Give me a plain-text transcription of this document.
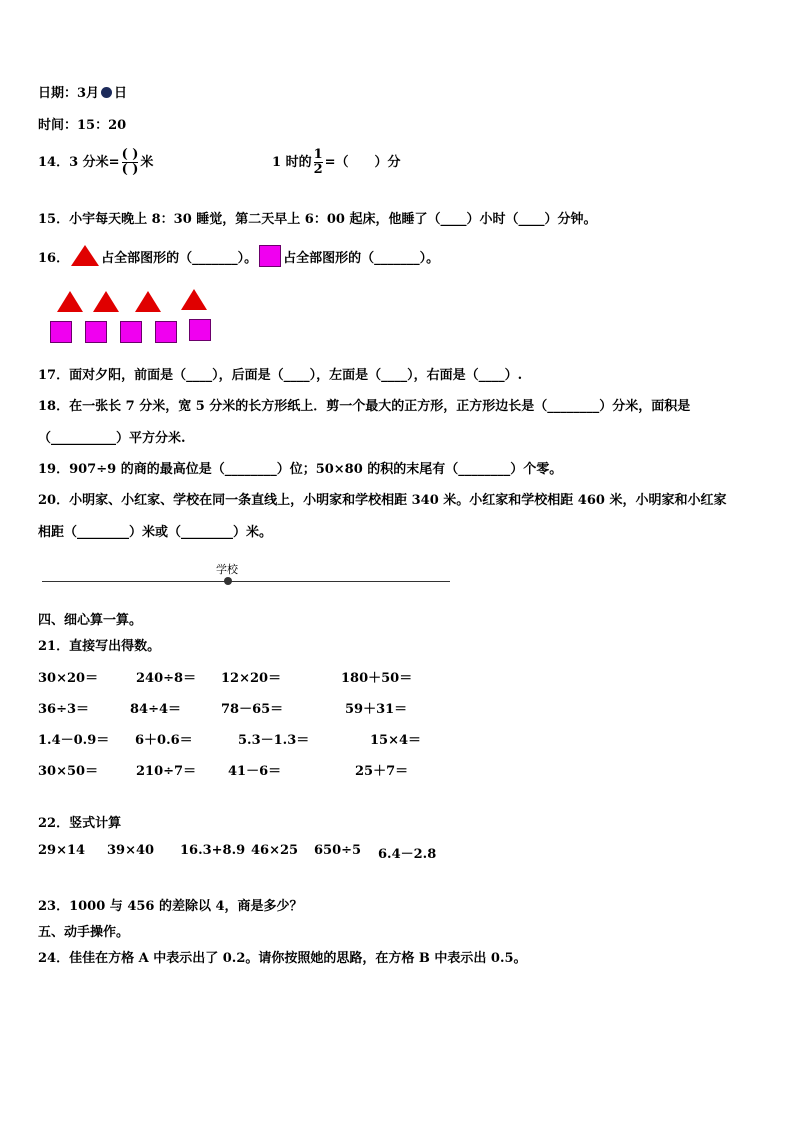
日期：3月 日
时间：15：20
14．3 分米= $\frac{( )}{( )}$ 米	1 时的 $\frac{1}{2}$ =（　　）分
15．小宇每天晚上 8：30 睡觉，第二天早上 6：00 起床，他睡了（____）小时（____）分钟。
16． 占全部图形的（_______）。 占全部图形的（_______）。
17．面对夕阳，前面是（____），后面是（____），左面是（____），右面是（____）.
18．在一张长 7 分米，宽 5 分米的长方形纸上．剪一个最大的正方形，正方形边长是（________）分米，面积是
（__________）平方分米.
19．907÷9 的商的最高位是（________）位；50×80 的积的末尾有（________）个零。
20．小明家、小红家、学校在同一条直线上，小明家和学校相距 340 米。小红家和学校相距 460 米，小明家和小红家
相距（________）米或（________）米。
学校
四、细心算一算。
21．直接写出得数。
30×20＝	240÷8＝ 12×20＝	180＋50＝
36÷3＝	84÷4＝	78－65＝	59＋31＝
1.4－0.9＝ 6＋0.6＝	5.3－1.3＝	15×4＝
30×50＝	210÷7＝ 41－6＝	25＋7＝
22．竖式计算
29×14 39×40 16.3+8.9 46×25 650÷5 6.4－2.8
23．1000 与 456 的差除以 4，商是多少？
五、动手操作。
24．佳佳在方格 A 中表示出了 0.2。请你按照她的思路，在方格 B 中表示出 0.5。
